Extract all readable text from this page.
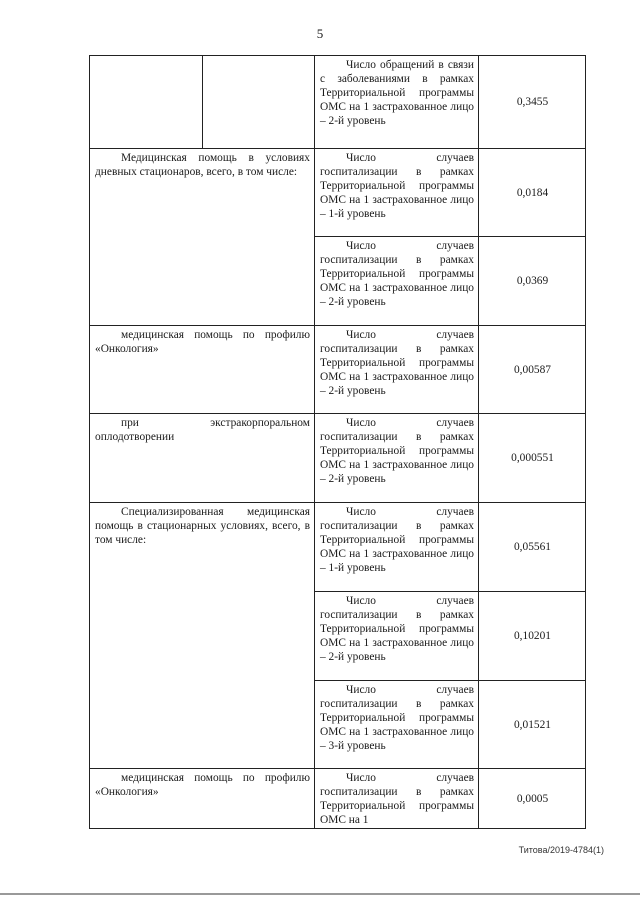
5
		Число обращений в связи с заболеваниями в рамках Территориальной программы ОМС на 1 застрахованное лицо – 2-й уровень	0,3455
Медицинская помощь в условиях дневных стационаров, всего, в том числе:		Число случаев госпитализации в рамках Территориальной программы ОМС на 1 застрахованное лицо – 1-й уровень	0,0184
		Число случаев госпитализации в рамках Территориальной программы ОМС на 1 застрахованное лицо – 2-й уровень	0,0369
медицинская помощь по профилю «Онкология»		Число случаев госпитализации в рамках Территориальной программы ОМС на 1 застрахованное лицо – 2-й уровень	0,00587
при экстракорпоральном оплодотворении		Число случаев госпитализации в рамках Территориальной программы ОМС на 1 застрахованное лицо – 2-й уровень	0,000551
Специализированная медицинская помощь в стационарных условиях, всего, в том числе:		Число случаев госпитализации в рамках Территориальной программы ОМС на 1 застрахованное лицо – 1-й уровень	0,05561
		Число случаев госпитализации в рамках Территориальной программы ОМС на 1 застрахованное лицо – 2-й уровень	0,10201
		Число случаев госпитализации в рамках Территориальной программы ОМС на 1 застрахованное лицо – 3-й уровень	0,01521
медицинская помощь по профилю «Онкология»		Число случаев госпитализации в рамках Территориальной программы ОМС на 1	0,0005
Титова/2019-4784(1)
